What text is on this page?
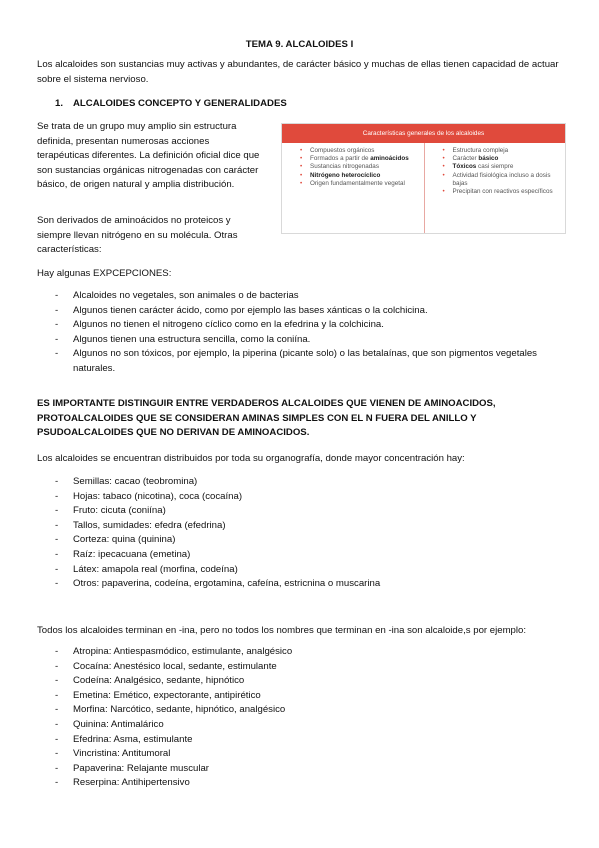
TEMA 9. ALCALOIDES I

Los alcaloides son sustancias muy activas y abundantes, de carácter básico y muchas de ellas tienen capacidad de actuar sobre el sistema nervioso.

1. ALCALOIDES CONCEPTO Y GENERALIDADES

Se trata de un grupo muy amplio sin estructura definida, presentan numerosas acciones terapéuticas diferentes. La definición oficial dice que son sustancias orgánicas nitrogenadas con carácter básico, de origen natural y amplia distribución.

Son derivados de aminoácidos no proteicos y siempre llevan nitrógeno en su molécula. Otras características:

Características generales de los alcaloides
• Compuestos orgánicos
• Formados a partir de aminoácidos
• Sustancias nitrogenadas
• Nitrógeno heterocíclico
• Origen fundamentalmente vegetal
• Estructura compleja
• Carácter básico
• Tóxicos casi siempre
• Actividad fisiológica incluso a dosis bajas
• Precipitan con reactivos específicos

Hay algunas EXPCEPCIONES:

- Alcaloides no vegetales, son animales o de bacterias
- Algunos tienen carácter ácido, como por ejemplo las bases xánticas o la colchicina.
- Algunos no tienen el nitrogeno cíclico como en la efedrina y la colchicina.
- Algunos tienen una estructura sencilla, como la coniína.
- Algunos no son tóxicos, por ejemplo, la piperina (picante solo) o las betalaínas, que son pigmentos vegetales naturales.

ES IMPORTANTE DISTINGUIR ENTRE VERDADEROS ALCALOIDES QUE VIENEN DE AMINOACIDOS, PROTOALCALOIDES QUE SE CONSIDERAN AMINAS SIMPLES CON EL N FUERA DEL ANILLO Y PSUDOALCALOIDES QUE NO DERIVAN DE AMINOACIDOS.

Los alcaloides se encuentran distribuidos por toda su organografía, donde mayor concentración hay:

- Semillas: cacao (teobromina)
- Hojas: tabaco (nicotina), coca (cocaína)
- Fruto: cicuta (coniína)
- Tallos, sumidades: efedra (efedrina)
- Corteza: quina (quinina)
- Raíz: ipecacuana (emetina)
- Látex: amapola real (morfina, codeína)
- Otros: papaverina, codeína, ergotamina, cafeína, estricnina o muscarina

Todos los alcaloides terminan en -ina, pero no todos los nombres que terminan en -ina son alcaloide,s por ejemplo:

- Atropina: Antiespasmódico, estimulante, analgésico
- Cocaína: Anestésico local, sedante, estimulante
- Codeína: Analgésico, sedante, hipnótico
- Emetina: Emético, expectorante, antipirético
- Morfina: Narcótico, sedante, hipnótico, analgésico
- Quinina: Antimalárico
- Efedrina: Asma, estimulante
- Vincristina: Antitumoral
- Papaverina: Relajante muscular
- Reserpina: Antihipertensivo
